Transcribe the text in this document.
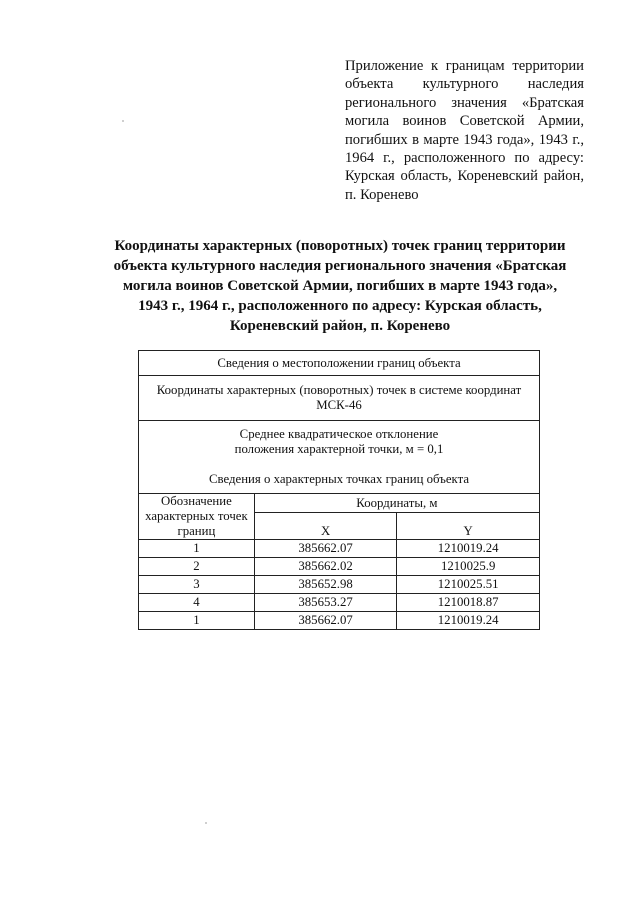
Приложение к границам территории объекта культурного наследия регионального значения «Братская могила воинов Советской Армии, погибших в марте 1943 года», 1943 г., 1964 г., расположенного по адресу: Курская область, Кореневский район, п. Коренево
Координаты характерных (поворотных) точек границ территории объекта культурного наследия регионального значения «Братская могила воинов Советской Армии, погибших в марте 1943 года», 1943 г., 1964 г., расположенного по адресу: Курская область, Кореневский район, п. Коренево
Сведения о местоположении границ объекта		
Координаты характерных (поворотных) точек в системе координат МСК-46		

Среднее квадратическое отклонение
положения характерной точки, м = 0,1
Сведения о характерных точках границ объекта		

Обозначение характерных точек границ	Координаты, м	
	X	Y
1	385662.07	1210019.24
2	385662.02	1210025.9
3	385652.98	1210025.51
4	385653.27	1210018.87
1	385662.07	1210019.24
